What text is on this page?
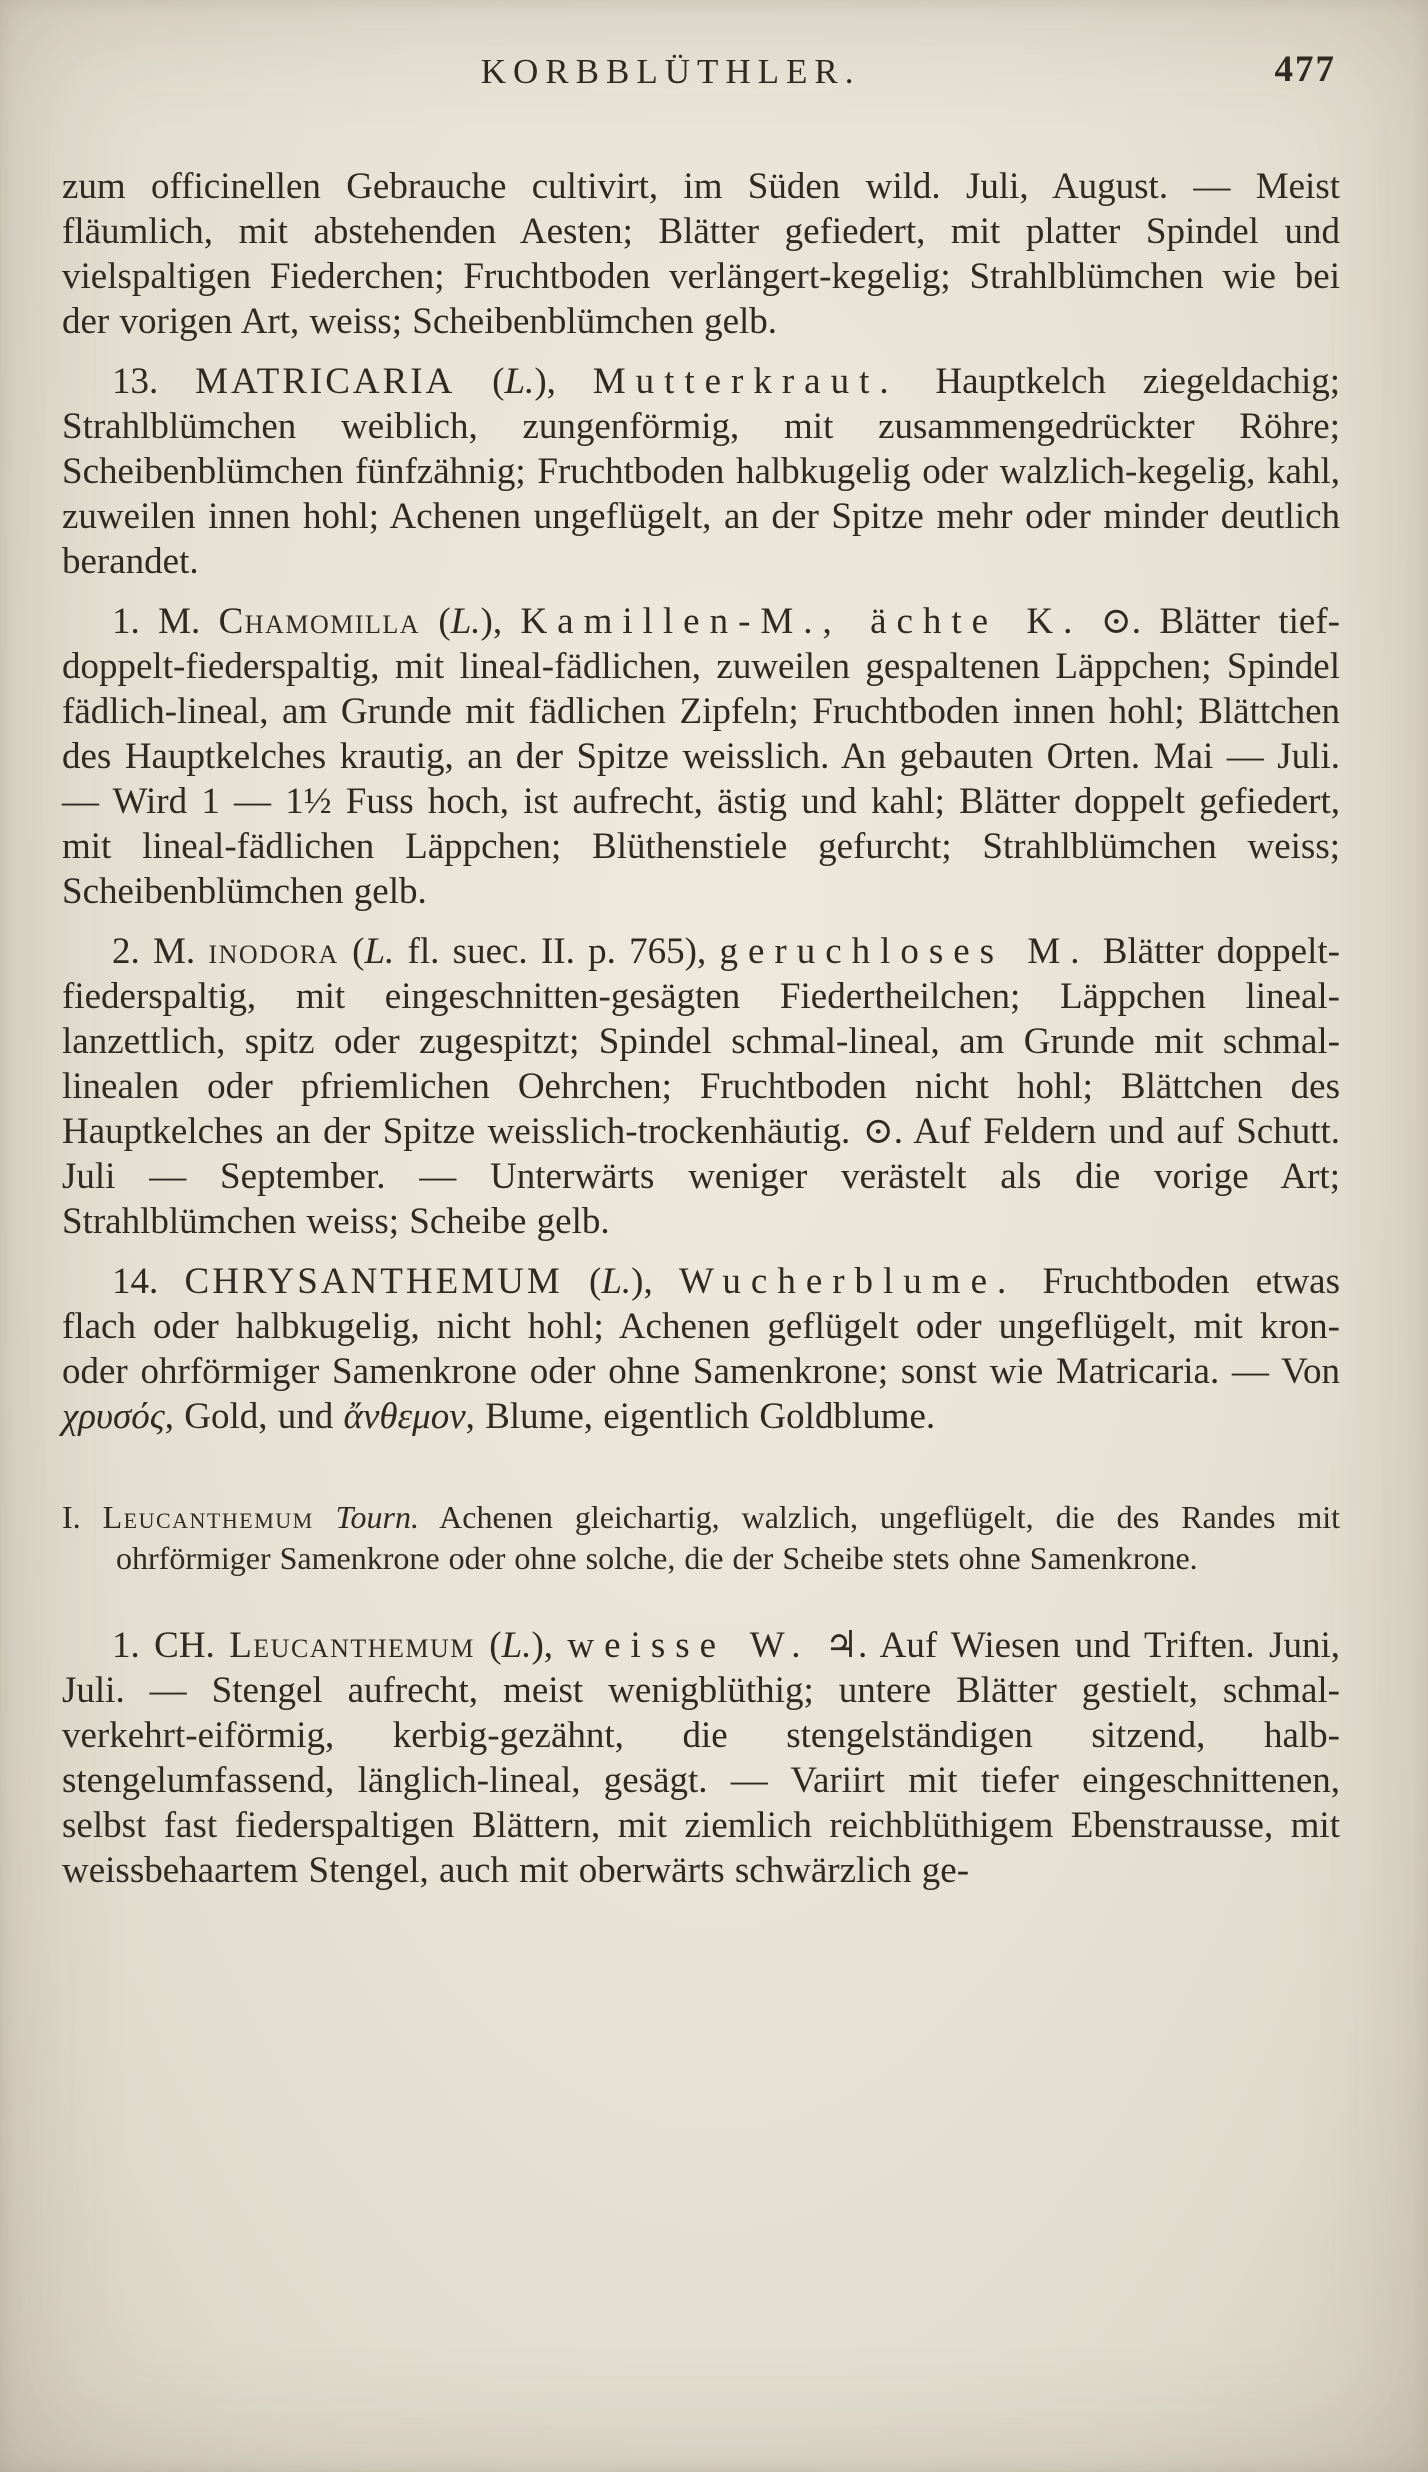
KORBBLÜTHLER.	477

zum officinellen Gebrauche cultivirt, im Süden wild. Juli, August. — Meist fläumlich, mit abstehenden Aesten; Blätter gefiedert, mit platter Spindel und vielspaltigen Fiederchen; Fruchtboden verlängert-kegelig; Strahlblümchen wie bei der vorigen Art, weiss; Scheibenblümchen gelb.

13. MATRICARIA (L.), Mutterkraut. Hauptkelch ziegeldachig; Strahlblümchen weiblich, zungenförmig, mit zusammengedrückter Röhre; Scheibenblümchen fünfzähnig; Fruchtboden halbkugelig oder walzlich-kegelig, kahl, zuweilen innen hohl; Achenen ungeflügelt, an der Spitze mehr oder minder deutlich berandet.

1. M. Chamomilla (L.), Kamillen-M., ächte K. ⊙. Blätter tief-doppelt-fiederspaltig, mit lineal-fädlichen, zuweilen gespaltenen Läppchen; Spindel fädlich-lineal, am Grunde mit fädlichen Zipfeln; Fruchtboden innen hohl; Blättchen des Hauptkelches krautig, an der Spitze weisslich. An gebauten Orten. Mai — Juli. — Wird 1 — 1½ Fuss hoch, ist aufrecht, ästig und kahl; Blätter doppelt gefiedert, mit lineal-fädlichen Läppchen; Blüthenstiele gefurcht; Strahlblümchen weiss; Scheibenblümchen gelb.

2. M. inodora (L. fl. suec. II. p. 765), geruchloses M. Blätter doppelt-fiederspaltig, mit eingeschnitten-gesägten Fiedertheilchen; Läppchen lineal-lanzettlich, spitz oder zugespitzt; Spindel schmal-lineal, am Grunde mit schmal-linealen oder pfriemlichen Oehrchen; Fruchtboden nicht hohl; Blättchen des Hauptkelches an der Spitze weisslich-trockenhäutig. ⊙. Auf Feldern und auf Schutt. Juli — September. — Unterwärts weniger verästelt als die vorige Art; Strahlblümchen weiss; Scheibe gelb.

14. CHRYSANTHEMUM (L.), Wucherblume. Fruchtboden etwas flach oder halbkugelig, nicht hohl; Achenen geflügelt oder ungeflügelt, mit kron- oder ohrförmiger Samenkrone oder ohne Samenkrone; sonst wie Matricaria. — Von χρυσός, Gold, und ἄνθεμον, Blume, eigentlich Goldblume.

I. Leucanthemum Tourn. Achenen gleichartig, walzlich, ungeflügelt, die des Randes mit ohrförmiger Samenkrone oder ohne solche, die der Scheibe stets ohne Samenkrone.

1. CH. Leucanthemum (L.), weisse W. ♃. Auf Wiesen und Triften. Juni, Juli. — Stengel aufrecht, meist wenigblüthig; untere Blätter gestielt, schmal-verkehrt-eiförmig, kerbig-gezähnt, die stengelständigen sitzend, halb-stengelumfassend, länglich-lineal, gesägt. — Variirt mit tiefer eingeschnittenen, selbst fast fiederspaltigen Blättern, mit ziemlich reichblüthigem Ebenstrausse, mit weissbehaartem Stengel, auch mit oberwärts schwärzlich ge-
